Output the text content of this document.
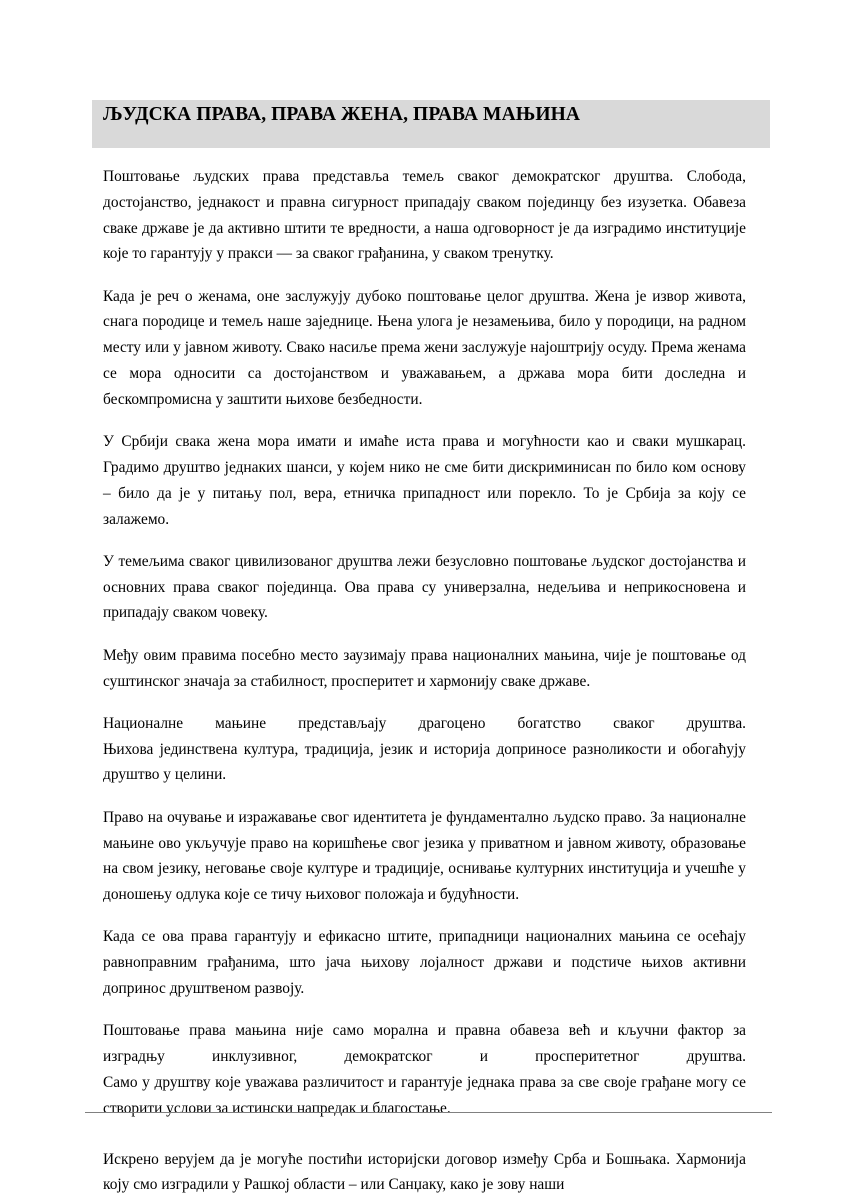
ЉУДСКА ПРАВА, ПРАВА ЖЕНА, ПРАВА МАЊИНА

Поштовање људских права представља темељ сваког демократског друштва. Слобода, достојанство, једнакост и правна сигурност припадају сваком појединцу без изузетка. Обавеза сваке државе је да активно штити те вредности, а наша одговорност је да изградимо институције које то гарантују у пракси — за сваког грађанина, у сваком тренутку.

Када је реч о женама, оне заслужују дубоко поштовање целог друштва. Жена је извор живота, снага породице и темељ наше заједнице. Њена улога је незамењива, било у породици, на радном месту или у јавном животу. Свако насиље према жени заслужује најоштрију осуду. Према женама се мора односити са достојанством и уважавањем, а држава мора бити доследна и бескомпромисна у заштити њихове безбедности.

У Србији свака жена мора имати и имаће иста права и могућности као и сваки мушкарац. Градимо друштво једнаких шанси, у којем нико не сме бити дискриминисан по било ком основу – било да је у питању пол, вера, етничка припадност или порекло. То је Србија за коју се залажемо.

У темељима сваког цивилизованог друштва лежи безусловно поштовање људског достојанства и основних права сваког појединца. Ова права су универзална, недељива и неприкосновена и припадају сваком човеку.

Међу овим правима посебно место заузимају права националних мањина, чије је поштовање од суштинског значаја за стабилност, просперитет и хармонију сваке државе.

Националне мањине представљају драгоцено богатство сваког друштва.
Њихова јединствена култура, традиција, језик и историја доприносе разноликости и обогаћују друштво у целини.

Право на очување и изражавање свог идентитета је фундаментално људско право. За националне мањине ово укључује право на коришћење свог језика у приватном и јавном животу, образовање на свом језику, неговање своје културе и традиције, оснивање културних институција и учешће у доношењу одлука које се тичу њиховог положаја и будућности.

Када се ова права гарантују и ефикасно штите, припадници националних мањина се осећају равноправним грађанима, што јача њихову лојалност држави и подстиче њихов активни допринос друштвеном развоју.

Поштовање права мањина није само морална и правна обавеза већ и кључни фактор за
изградњу инклузивног, демократског и просперитетног друштва.
Само у друштву које уважава различитост и гарантује једнака права за све своје грађане могу се створити услови за истински напредак и благостање.

Искрено верујем да је могуће постићи историјски договор између Срба и Бошњака. Хармонија коју смо изградили у Рашкој области – или Санџаку, како је зову наши
